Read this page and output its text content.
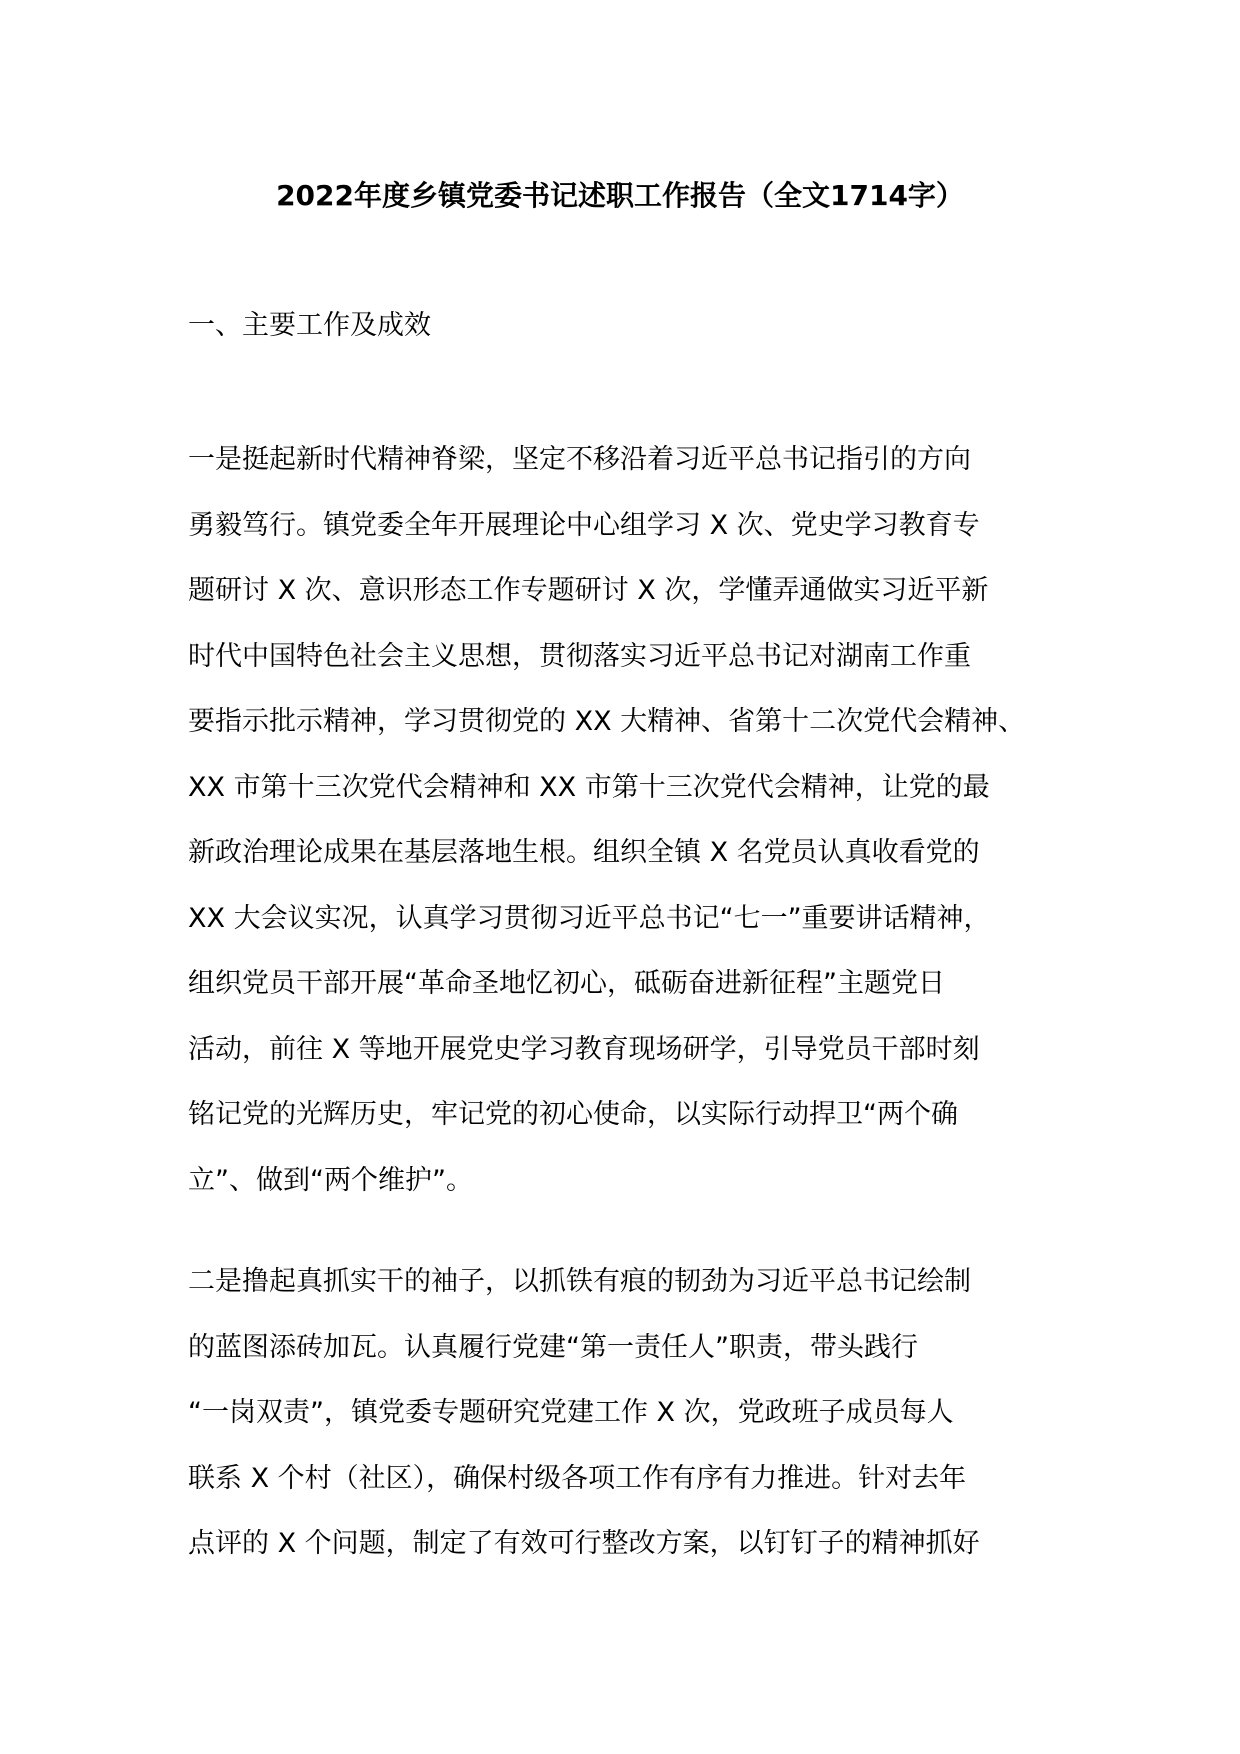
2022年度乡镇党委书记述职工作报告（全文1714字）
一、主要工作及成效
一是挺起新时代精神脊梁，坚定不移沿着习近平总书记指引的方向
勇毅笃行。镇党委全年开展理论中心组学习 X 次、党史学习教育专
题研讨 X 次、意识形态工作专题研讨 X 次，学懂弄通做实习近平新
时代中国特色社会主义思想，贯彻落实习近平总书记对湖南工作重
要指示批示精神，学习贯彻党的 XX 大精神、省第十二次党代会精神、
XX 市第十三次党代会精神和 XX 市第十三次党代会精神，让党的最
新政治理论成果在基层落地生根。组织全镇 X 名党员认真收看党的
XX 大会议实况，认真学习贯彻习近平总书记“七一”重要讲话精神，
组织党员干部开展“革命圣地忆初心，砥砺奋进新征程”主题党日
活动，前往 X 等地开展党史学习教育现场研学，引导党员干部时刻
铭记党的光辉历史，牢记党的初心使命，以实际行动捍卫“两个确
立”、做到“两个维护”。
二是撸起真抓实干的袖子，以抓铁有痕的韧劲为习近平总书记绘制
的蓝图添砖加瓦。认真履行党建“第一责任人”职责，带头践行
“一岗双责”，镇党委专题研究党建工作 X 次，党政班子成员每人
联系 X 个村（社区），确保村级各项工作有序有力推进。针对去年
点评的 X 个问题，制定了有效可行整改方案，以钉钉子的精神抓好
